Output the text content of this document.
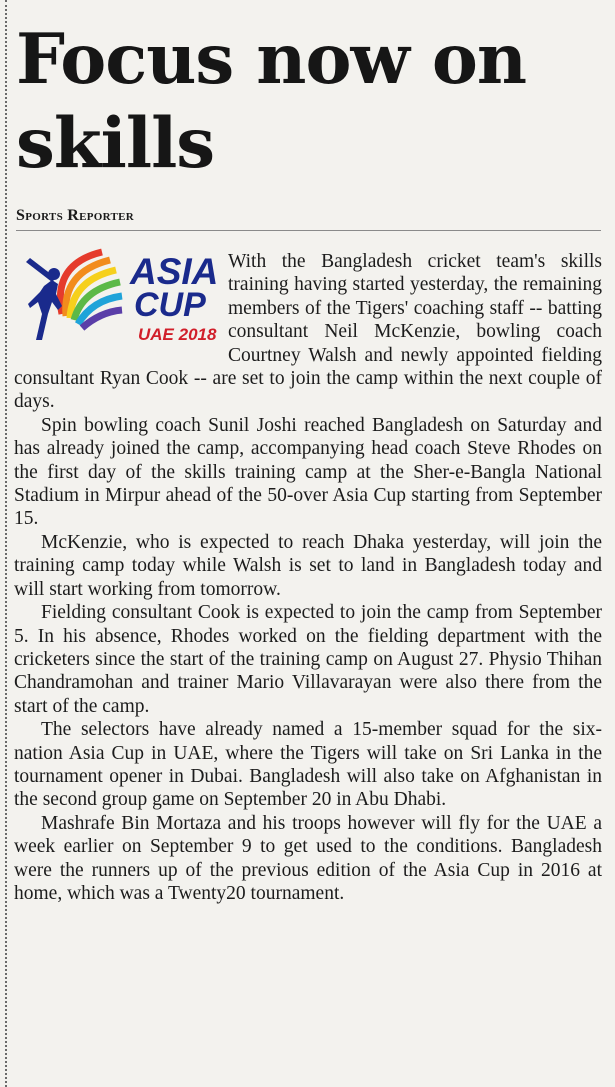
Focus now on skills
Sports Reporter

With the Bangladesh cricket team's skills training having started yesterday, the remaining members of the Tigers' coaching staff -- batting consultant Neil McKenzie, bowling coach Courtney Walsh and newly appointed fielding consultant Ryan Cook -- are set to join the camp within the next couple of days.

Spin bowling coach Sunil Joshi reached Bangladesh on Saturday and has already joined the camp, accompanying head coach Steve Rhodes on the first day of the skills training camp at the Sher-e-Bangla National Stadium in Mirpur ahead of the 50-over Asia Cup starting from September 15.

McKenzie, who is expected to reach Dhaka yesterday, will join the training camp today while Walsh is set to land in Bangladesh today and will start working from tomorrow.

Fielding consultant Cook is expected to join the camp from September 5. In his absence, Rhodes worked on the fielding department with the cricketers since the start of the training camp on August 27. Physio Thihan Chandramohan and trainer Mario Villavarayan were also there from the start of the camp.

The selectors have already named a 15-member squad for the six-nation Asia Cup in UAE, where the Tigers will take on Sri Lanka in the tournament opener in Dubai. Bangladesh will also take on Afghanistan in the second group game on September 20 in Abu Dhabi.

Mashrafe Bin Mortaza and his troops however will fly for the UAE a week earlier on September 9 to get used to the conditions. Bangladesh were the runners up of the previous edition of the Asia Cup in 2016 at home, which was a Twenty20 tournament.

ASIA
CUP
UAE 2018
